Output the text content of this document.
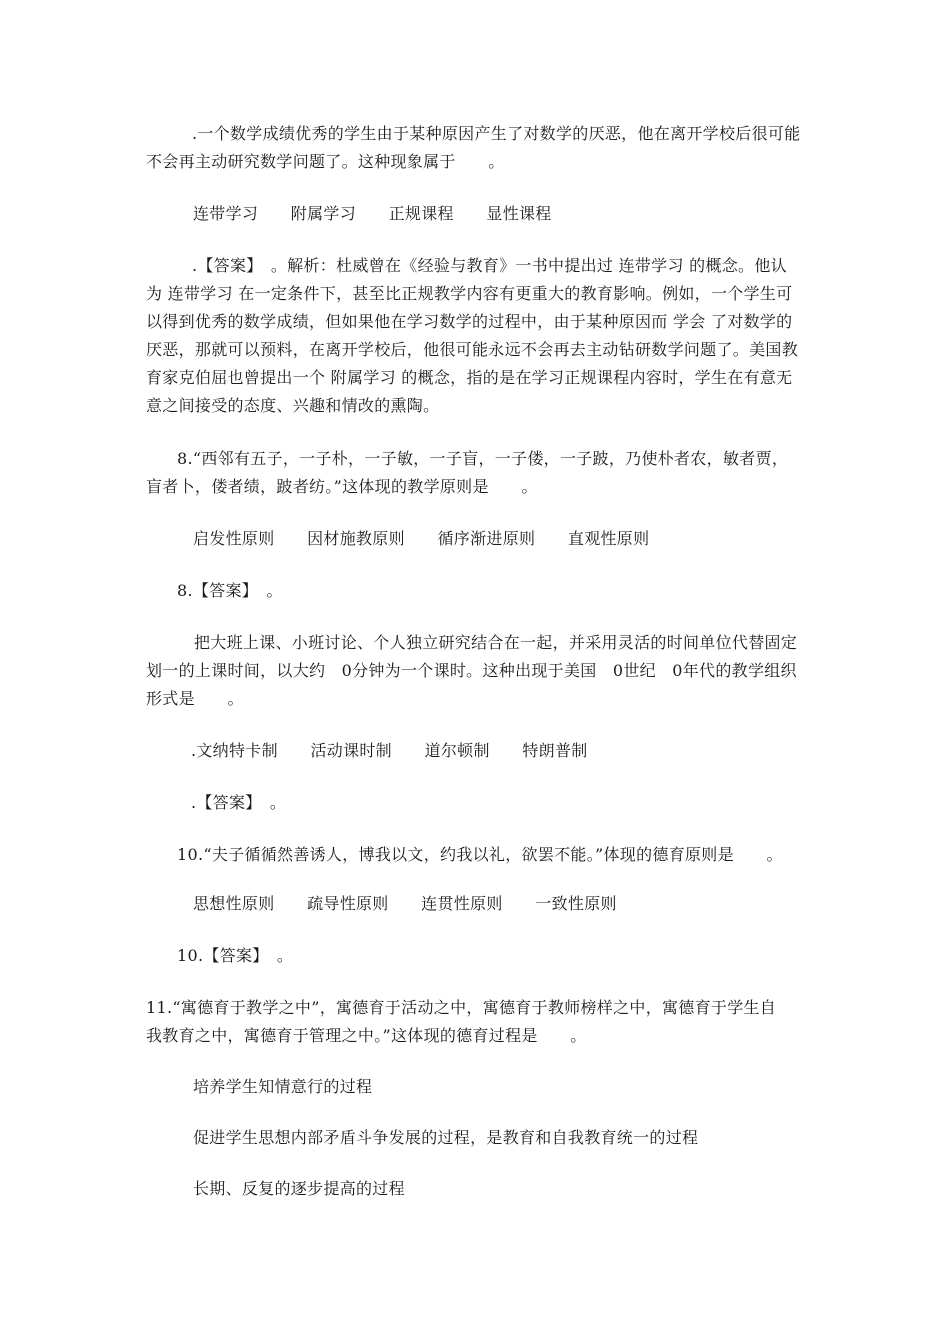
.一个数学成绩优秀的学生由于某种原因产生了对数学的厌恶，他在离开学校后很可能
不会再主动研究数学问题了。这种现象属于　　。
连带学习　　附属学习　　正规课程　　显性课程
.【答案】　。解析：杜威曾在《经验与教育》一书中提出过 连带学习 的概念。他认
为 连带学习 在一定条件下，甚至比正规教学内容有更重大的教育影响。例如，一个学生可
以得到优秀的数学成绩，但如果他在学习数学的过程中，由于某种原因而 学会 了对数学的
厌恶，那就可以预料，在离开学校后，他很可能永远不会再去主动钻研数学问题了。美国教
育家克伯屈也曾提出一个 附属学习 的概念，指的是在学习正规课程内容时，学生在有意无
意之间接受的态度、兴趣和情改的熏陶。
8.“西邻有五子，一子朴，一子敏，一子盲，一子偻，一子跛，乃使朴者农，敏者贾，
盲者卜，偻者绩，跛者纺。”这体现的教学原则是　　。
启发性原则　　因材施教原则　　循序渐进原则　　直观性原则
8.【答案】　。
把大班上课、小班讨论、个人独立研究结合在一起，并采用灵活的时间单位代替固定
划一的上课时间，以大约　0分钟为一个课时。这种出现于美国　0世纪　0年代的教学组织
形式是　　。
.文纳特卡制　　活动课时制　　道尔顿制　　特朗普制
.【答案】　。
10.“夫子循循然善诱人，博我以文，约我以礼，欲罢不能。”体现的德育原则是　　。
思想性原则　　疏导性原则　　连贯性原则　　一致性原则
10.【答案】　。
11.“寓德育于教学之中”，寓德育于活动之中，寓德育于教师榜样之中，寓德育于学生自
我教育之中，寓德育于管理之中。”这体现的德育过程是　　。
培养学生知情意行的过程
促进学生思想内部矛盾斗争发展的过程，是教育和自我教育统一的过程
长期、反复的逐步提高的过程
